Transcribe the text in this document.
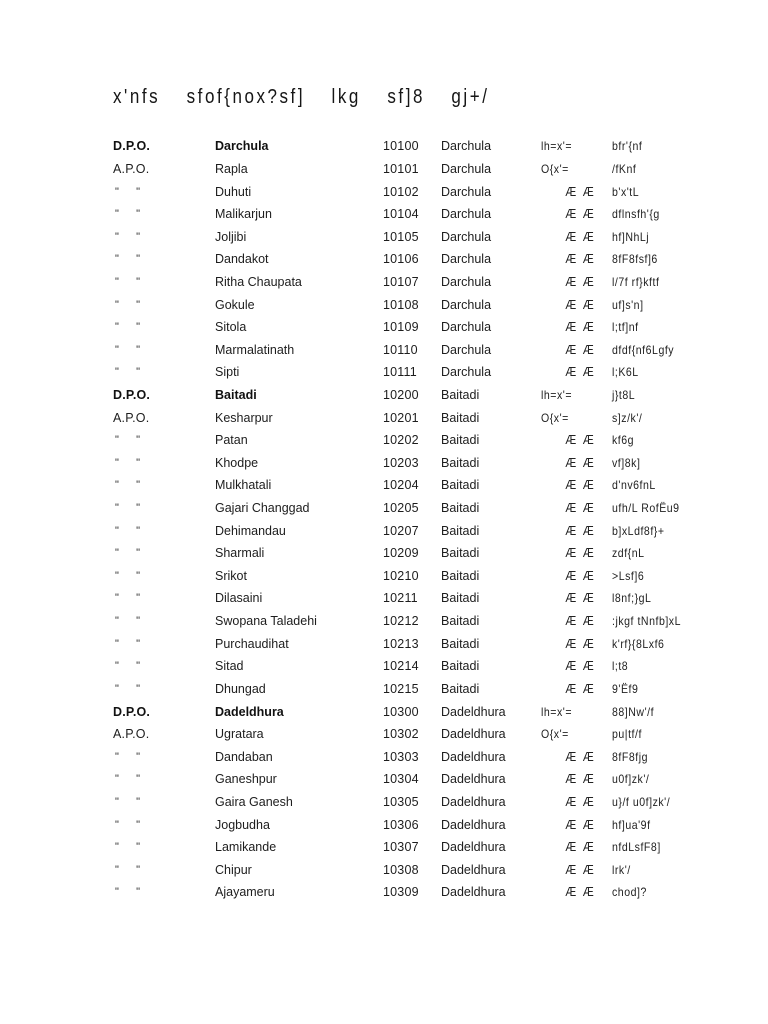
x'nfs  sfof{nox?sf]  lkg  sf]8  gj+/
D.P.O.	Darchula	10100	Darchula	lh=x'=	bfr'{nf
A.P.O.	Rapla	10101	Darchula	O{x'=	/fKnf
"   "	Duhuti	10102	Darchula	Æ Æ	b'x'tL
"   "	Malikarjun	10104	Darchula	Æ Æ	dflnsfh'{g
"   "	Joljibi	10105	Darchula	Æ Æ	hf]NhLj
"   "	Dandakot	10106	Darchula	Æ Æ	8fF8fsf]6
"   "	Ritha Chaupata	10107	Darchula	Æ Æ	l/7f rf}kftf
"   "	Gokule	10108	Darchula	Æ Æ	uf]s'n]
"   "	Sitola	10109	Darchula	Æ Æ	l;tf]nf
"   "	Marmalatinath	10110	Darchula	Æ Æ	dfdf{nf6Lgfy
"   "	Sipti	10111	Darchula	Æ Æ	l;K6L
D.P.O.	Baitadi	10200	Baitadi	lh=x'=	j}t8L
A.P.O.	Kesharpur	10201	Baitadi	O{x'=	s]z/k'/
"   "	Patan	10202	Baitadi	Æ Æ	kf6g
"   "	Khodpe	10203	Baitadi	Æ Æ	vf]8k]
"   "	Mulkhatali	10204	Baitadi	Æ Æ	d'nv6fnL
"   "	Gajari Changgad	10205	Baitadi	Æ Æ	ufh/L RofËu9
"   "	Dehimandau	10207	Baitadi	Æ Æ	b]xLdf8f}+
"   "	Sharmali	10209	Baitadi	Æ Æ	zdf{nL
"   "	Srikot	10210	Baitadi	Æ Æ	>Lsf]6
"   "	Dilasaini	10211	Baitadi	Æ Æ	l8nf;}gL
"   "	Swopana Taladehi	10212	Baitadi	Æ Æ	:jkgf tNnfb]xL
"   "	Purchaudihat	10213	Baitadi	Æ Æ	k'rf}{8Lxf6
"   "	Sitad	10214	Baitadi	Æ Æ	l;t8
"   "	Dhungad	10215	Baitadi	Æ Æ	9'Ëf9
D.P.O.	Dadeldhura	10300	Dadeldhura	lh=x'=	88]Nw'/f
A.P.O.	Ugratara	10302	Dadeldhura	O{x'=	pu|tf/f
"   "	Dandaban	10303	Dadeldhura	Æ Æ	8fF8fjg
"   "	Ganeshpur	10304	Dadeldhura	Æ Æ	u0f]zk'/
"   "	Gaira Ganesh	10305	Dadeldhura	Æ Æ	u}/f u0f]zk'/
"   "	Jogbudha	10306	Dadeldhura	Æ Æ	hf]ua'9f
"   "	Lamikande	10307	Dadeldhura	Æ Æ	nfdLsfF8]
"   "	Chipur	10308	Dadeldhura	Æ Æ	lrk'/
"   "	Ajayameru	10309	Dadeldhura	Æ Æ	chod]?
